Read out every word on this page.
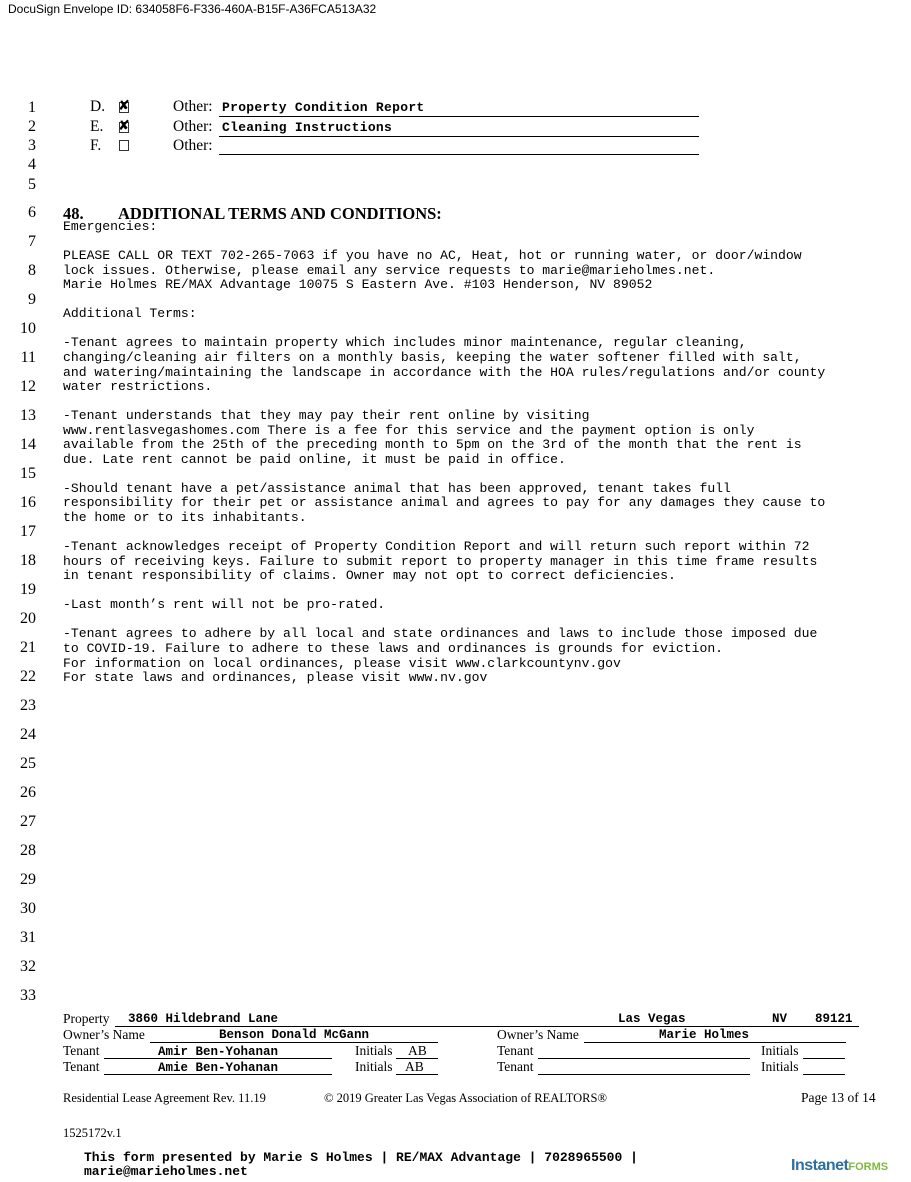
DocuSign Envelope ID: 634058F6-F336-460A-B15F-A36FCA513A32
1
2
3
4
5
6
7
8
9
10
11
12
13
14
15
16
17
18
19
20
21
22
23
24
25
26
27
28
29
30
31
32
33
D. ✘	Other: Property Condition Report
E. ✘	Other: Cleaning Instructions
F.	Other:
48. ADDITIONAL TERMS AND CONDITIONS:
Emergencies:
PLEASE CALL OR TEXT 702-265-7063 if you have no AC, Heat, hot or running water, or door/window
lock issues. Otherwise, please email any service requests to marie@marieholmes.net.
Marie Holmes RE/MAX Advantage 10075 S Eastern Ave. #103 Henderson, NV 89052
Additional Terms:
-Tenant agrees to maintain property which includes minor maintenance, regular cleaning,
changing/cleaning air filters on a monthly basis, keeping the water softener filled with salt,
and watering/maintaining the landscape in accordance with the HOA rules/regulations and/or county
water restrictions.
-Tenant understands that they may pay their rent online by visiting
www.rentlasvegashomes.com There is a fee for this service and the payment option is only
available from the 25th of the preceding month to 5pm on the 3rd of the month that the rent is
due. Late rent cannot be paid online, it must be paid in office.
-Should tenant have a pet/assistance animal that has been approved, tenant takes full
responsibility for their pet or assistance animal and agrees to pay for any damages they cause to
the home or to its inhabitants.
-Tenant acknowledges receipt of Property Condition Report and will return such report within 72
hours of receiving keys. Failure to submit report to property manager in this time frame results
in tenant responsibility of claims. Owner may not opt to correct deficiencies.
-Last month’s rent will not be pro-rated.
-Tenant agrees to adhere by all local and state ordinances and laws to include those imposed due
to COVID-19. Failure to adhere to these laws and ordinances is grounds for eviction.
For information on local ordinances, please visit www.clarkcountynv.gov
For state laws and ordinances, please visit www.nv.gov
Property 3860 Hildebrand Lane	Las Vegas	NV 89121
Owner’s Name	Benson Donald McGann	Owner’s Name	Marie Holmes
Tenant	Amir Ben-Yohanan	Initials AB	Tenant	Initials
Tenant	Amie Ben-Yohanan	Initials AB	Tenant	Initials
Residential Lease Agreement Rev. 11.19	© 2019 Greater Las Vegas Association of REALTORS®	Page 13 of 14
1525172v.1
This form presented by Marie S Holmes | RE/MAX Advantage | 7028965500 |
marie@marieholmes.net	InstanetFORMS
